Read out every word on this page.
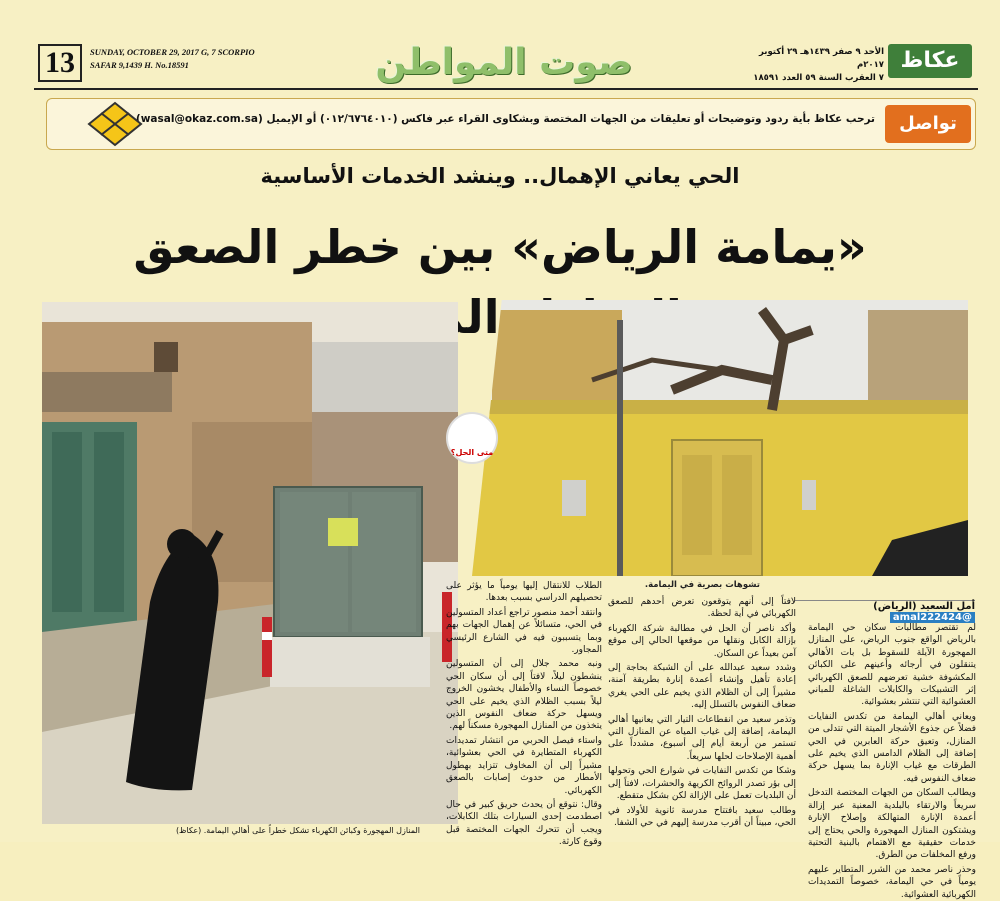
13	SUNDAY, OCTOBER 29, 2017 G, 7 SCORPIO
SAFAR 9,1439 H. No.18591	صوت المواطن	الأحد ٩ صفر ١٤٣٩هـ ٢٩ أكتوبر ٢٠١٧م
٧ العقرب السنة ٥٩ العدد ١٨٥٩١
عكاظ
تواصل
ترحب عكاظ بأية ردود وتوضيحات أو تعليقات من الجهات المختصة وبشكاوى القراء عبر فاكس (٠١٢/٦٧٦٤٠١٠) أو الإيميل (wasal@okaz.com.sa)
الحي يعاني الإهمال.. وينشد الخدمات الأساسية
«يمامة الرياض» بين خطر الصعق
متى الحل؟
تشوهات بصرية في اليمامة.
أمل السعيد (الرياض) @amal222424

لم تقتصر مطالبات سكان حي اليمامة بالرياض الواقع جنوب الرياض، على المنازل المهجورة الآيلة للسقوط بل بات الأهالي يتنقلون في أرجائه وأعينهم على الكبائن المكشوفة خشية تعرضهم للصعق الكهربائي إثر التشبيكات والكابلات الشاغلة للمباني العشوائية التي تنتشر بعشوائية.

ويعاني أهالي اليمامة من تكدس النفايات فضلاً عن جذوع الأشجار الميتة التي تتدلى من المنازل، وتعيق حركة العابرين في الحي إضافة إلى الظلام الدامس الذي يخيم على الطرقات مع غياب الإنارة بما يسهل حركة ضعاف النفوس فيه.

ويطالب السكان من الجهات المختصة التدخل سريعاً والارتقاء بالبلدية المعنية عبر إزالة أعمدة الإنارة المتهالكة وإصلاح الإنارة ويشتكون المنازل المهجورة والحي يحتاج إلى خدمات حقيقية مع الاهتمام بالبنية التحتية ورفع المخلفات من الطرق.

وحذر ناصر محمد من الشرر المتطاير عليهم يومياً في حي اليمامة، خصوصاً التمديدات الكهربائية العشوائية.

لافتاً إلى أنهم يتوقعون تعرض أحدهم للصعق الكهربائي في أية لحظة.

وأكد ناصر أن الحل في مطالبة شركة الكهرباء بإزالة الكابل ونقلها من موقعها الحالي إلى موقع آمن بعيداً عن السكان.

وشدد سعيد عبدالله على أن الشبكة بحاجة إلى إعادة تأهيل وإنشاء أعمدة إنارة بطريقة آمنة، مشيراً إلى أن الظلام الذي يخيم على الحي يغري ضعاف النفوس بالتسلل إليه.

وتذمر سعيد من انقطاعات التيار التي يعانيها أهالي اليمامة، إضافة إلى غياب المياه عن المنازل التي تستمر من أربعة أيام إلى أسبوع، مشدداً على أهمية الإصلاحات لحلها سريعاً.

وشكا من تكدس النفايات في شوارع الحي وتحولها إلى بؤر تصدر الروائح الكريهة والحشرات، لافتاً إلى أن البلديات تعمل على الإزالة لكن بشكل متقطع.

وطالب سعيد بافتتاح مدرسة ثانوية للأولاد في الحي، مبيناً أن أقرب مدرسة إليهم في حي الشفا.

الطلاب للانتقال إليها يومياً ما يؤثر على تحصيلهم الدراسي بسبب بعدها.

وانتقد أحمد منصور تراجع أعداد المتسولين في الحي، متسائلاً عن إهمال الجهات بهم وبما يتسببون فيه في الشارع الرئيسي المجاور.

ونبه محمد جلال إلى أن المتسولين ينشطون ليلاً، لافتاً إلى أن سكان الحي خصوصاً النساء والأطفال يخشون الخروج ليلاً بسبب الظلام الذي يخيم على الحي ويسهل حركة ضعاف النفوس الذين يتخذون من المنازل المهجورة مسكناً لهم.

واستاء فيصل الحربي من انتشار تمديدات الكهرباء المتطايرة في الحي بعشوائية، مشيراً إلى أن المخاوف تتزايد بهطول الأمطار من حدوث إصابات بالصعق الكهربائي.

وقال: نتوقع أن يحدث حريق كبير في حال اصطدمت إحدى السيارات بتلك الكابلات، ويجب أن تتحرك الجهات المختصة قبل وقوع كارثة.

المنازل المهجورة وكبائن الكهرباء تشكل خطراً على أهالي اليمامة. (عكاظ)
